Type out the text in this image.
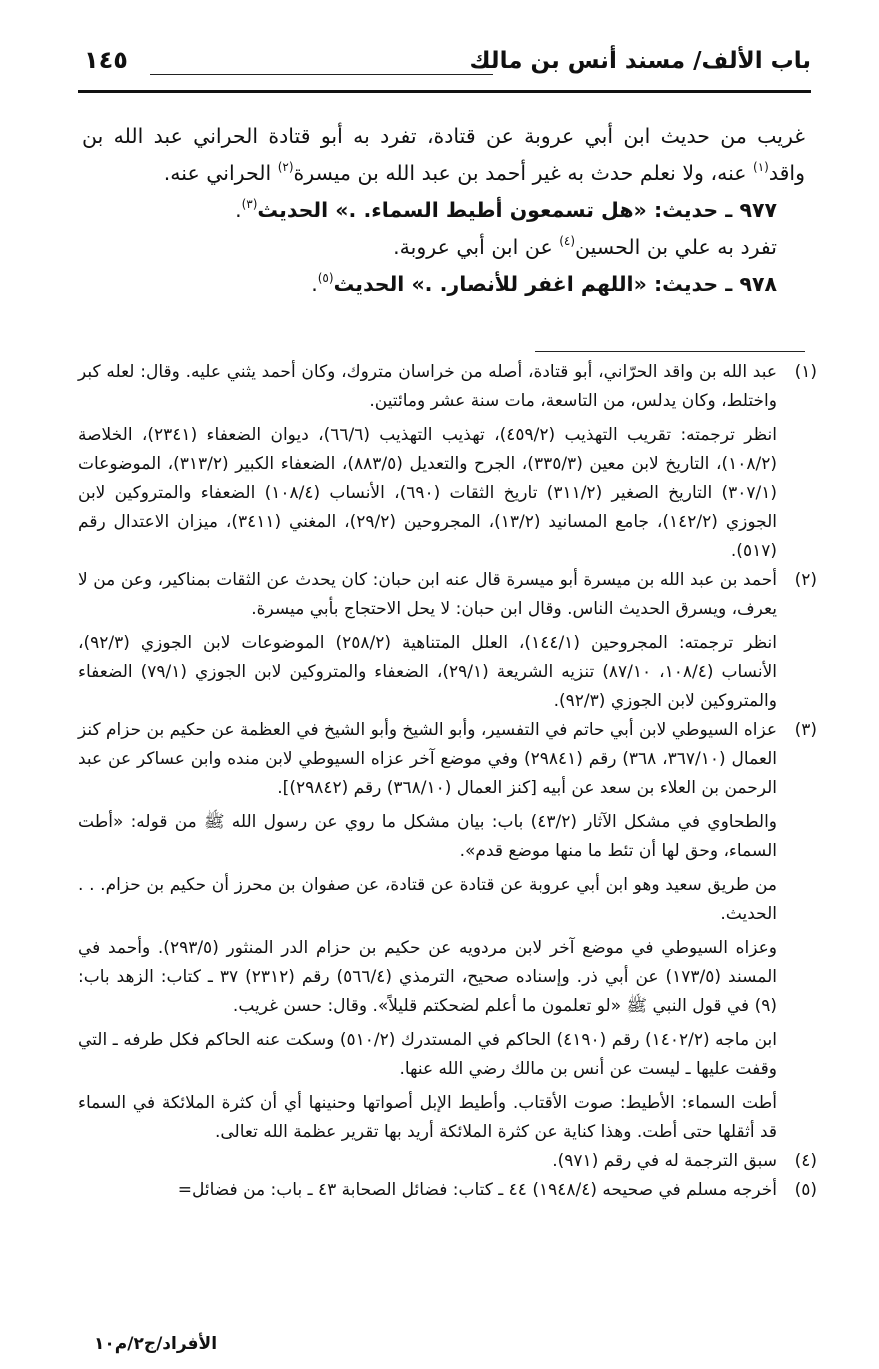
باب الألف/ مسند أنس بن مالك
١٤٥

غريب من حديث ابن أبي عروبة عن قتادة، تفرد به أبو قتادة الحراني عبد الله بن واقد$^{(١)}$ عنه، ولا نعلم حدث به غير أحمد بن عبد الله بن ميسرة$^{(٢)}$ الحراني عنه.

٩٧٧ ـ حديث: «هل تسمعون أطيط السماء. .» الحديث$^{(٣)}$.

تفرد به علي بن الحسين$^{(٤)}$ عن ابن أبي عروبة.

٩٧٨ ـ حديث: «اللهم اغفر للأنصار. .» الحديث$^{(٥)}$.

(١)

عبد الله بن واقد الحرّاني، أبو قتادة، أصله من خراسان متروك، وكان أحمد يثني عليه. وقال: لعله كبر واختلط، وكان يدلس، من التاسعة، مات سنة عشر ومائتين.

انظر ترجمته: تقريب التهذيب (٤٥٩/٢)، تهذيب التهذيب (٦٦/٦)، ديوان الضعفاء (٢٣٤١)، الخلاصة (١٠٨/٢)، التاريخ لابن معين (٣٣٥/٣)، الجرح والتعديل (٨٨٣/٥)، الضعفاء الكبير (٣١٣/٢)، الموضوعات (٣٠٧/١) التاريخ الصغير (٣١١/٢) تاريخ الثقات (٦٩٠)، الأنساب (١٠٨/٤) الضعفاء والمتروكين لابن الجوزي (١٤٢/٢)، جامع المسانيد (١٣/٢)، المجروحين (٢٩/٢)، المغني (٣٤١١)، ميزان الاعتدال رقم (٥١٧).

(٢)

أحمد بن عبد الله بن ميسرة أبو ميسرة قال عنه ابن حبان: كان يحدث عن الثقات بمناكير، وعن من لا يعرف، ويسرق الحديث الناس. وقال ابن حبان: لا يحل الاحتجاج بأبي ميسرة.

انظر ترجمته: المجروحين (١٤٤/١)، العلل المتناهية (٢٥٨/٢) الموضوعات لابن الجوزي (٩٢/٣)، الأنساب (١٠٨/٤، ٨٧/١٠) تنزيه الشريعة (٢٩/١)، الضعفاء والمتروكين لابن الجوزي (٧٩/١) الضعفاء والمتروكين لابن الجوزي (٩٢/٣).

(٣)

عزاه السيوطي لابن أبي حاتم في التفسير، وأبو الشيخ وأبو الشيخ في العظمة عن حكيم بن حزام كنز العمال (٣٦٧/١٠، ٣٦٨) رقم (٢٩٨٤١) وفي موضع آخر عزاه السيوطي لابن منده وابن عساكر عن عبد الرحمن بن العلاء بن سعد عن أبيه [كنز العمال (٣٦٨/١٠) رقم (٢٩٨٤٢)].

والطحاوي في مشكل الآثار (٤٣/٢) باب: بيان مشكل ما روي عن رسول الله ﷺ من قوله: «أطت السماء، وحق لها أن تئط ما منها موضع قدم».

من طريق سعيد وهو ابن أبي عروبة عن قتادة عن قتادة، عن صفوان بن محرز أن حكيم بن حزام. . . الحديث.

وعزاه السيوطي في موضع آخر لابن مردويه عن حكيم بن حزام الدر المنثور (٢٩٣/٥). وأحمد في المسند (١٧٣/٥) عن أبي ذر. وإسناده صحيح، الترمذي (٥٦٦/٤) رقم (٢٣١٢) ٣٧ ـ كتاب: الزهد باب: (٩) في قول النبي ﷺ «لو تعلمون ما أعلم لضحكتم قليلاً». وقال: حسن غريب.

ابن ماجه (١٤٠٢/٢) رقم (٤١٩٠) الحاكم في المستدرك (٥١٠/٢) وسكت عنه الحاكم فكل طرفه ـ التي وقفت عليها ـ ليست عن أنس بن مالك رضي الله عنها.

أطت السماء: الأطيط: صوت الأقتاب. وأطيط الإبل أصواتها وحنينها أي أن كثرة الملائكة في السماء قد أثقلها حتى أطت. وهذا كناية عن كثرة الملائكة أريد بها تقرير عظمة الله تعالى.

(٤)

سبق الترجمة له في رقم (٩٧١).

(٥)

أخرجه مسلم في صحيحه (١٩٤٨/٤) ٤٤ ـ كتاب: فضائل الصحابة ٤٣ ـ باب: من فضائل=

الأفراد/ج٢/م١٠
